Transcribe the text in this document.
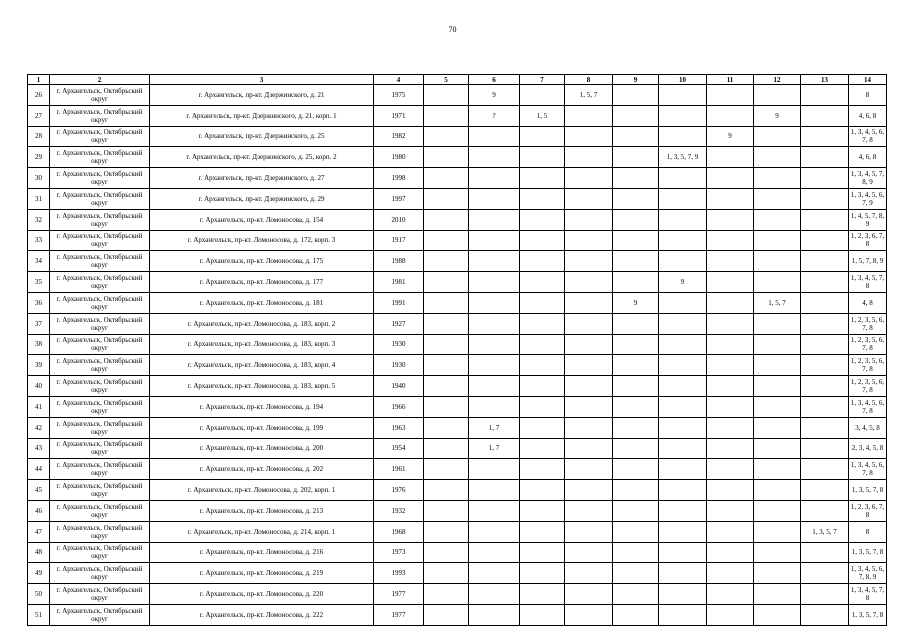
70
1	2	3	4	5	6	7	8	9	10	11	12	13	14
26	г. Архангельск, Октябрьский округ	г. Архангельск, пр-кт. Дзержинского, д. 21	1975		9		1, 5, 7						8
27	г. Архангельск, Октябрьский округ	г. Архангельск, пр-кт. Дзержинского, д. 21, корп. 1	1971		?	1, 5					9		4, 6, 8
28	г. Архангельск, Октябрьский округ	г. Архангельск, пр-кт. Дзержинского, д. 25	1982							9			1, 3, 4, 5, 6, 7, 8
29	г. Архангельск, Октябрьский округ	г. Архангельск, пр-кт. Дзержинского, д. 25, корп. 2	1980						1, 3, 5, 7, 9				4, 6, 8
30	г. Архангельск, Октябрьский округ	г. Архангельск, пр-кт. Дзержинского, д. 27	1998										1, 3, 4, 5, 7, 8, 9
31	г. Архангельск, Октябрьский округ	г. Архангельск, пр-кт. Дзержинского, д. 29	1997										1, 3, 4, 5, 6, 7, 9
32	г. Архангельск, Октябрьский округ	г. Архангельск, пр-кт. Ломоносова, д. 154	2010										1, 4, 5, 7, 8, 9
33	г. Архангельск, Октябрьский округ	г. Архангельск, пр-кт. Ломоносова, д. 172, корп. 3	1917										1, 2, 3, 6, 7, 8
34	г. Архангельск, Октябрьский округ	г. Архангельск, пр-кт. Ломоносова, д. 175	1988										1, 5, 7, 8, 9
35	г. Архангельск, Октябрьский округ	г. Архангельск, пр-кт. Ломоносова, д. 177	1981						9				1, 3, 4, 5, 7, 8
36	г. Архангельск, Октябрьский округ	г. Архангельск, пр-кт. Ломоносова, д. 181	1991					9			1, 5, 7		4, 8
37	г. Архангельск, Октябрьский округ	г. Архангельск, пр-кт. Ломоносова, д. 183, корп. 2	1927										1, 2, 3, 5, 6, 7, 8
38	г. Архангельск, Октябрьский округ	г. Архангельск, пр-кт. Ломоносова, д. 183, корп. 3	1930										1, 2, 3, 5, 6, 7, 8
39	г. Архангельск, Октябрьский округ	г. Архангельск, пр-кт. Ломоносова, д. 183, корп. 4	1930										1, 2, 3, 5, 6, 7, 8
40	г. Архангельск, Октябрьский округ	г. Архангельск, пр-кт. Ломоносова, д. 183, корп. 5	1940										1, 2, 3, 5, 6, 7, 8
41	г. Архангельск, Октябрьский округ	г. Архангельск, пр-кт. Ломоносова, д. 194	1966										1, 3, 4, 5, 6, 7, 8
42	г. Архангельск, Октябрьский округ	г. Архангельск, пр-кт. Ломоносова, д. 199	1963		1, 7								3, 4, 5, 8
43	г. Архангельск, Октябрьский округ	г. Архангельск, пр-кт. Ломоносова, д. 200	1954		1, 7								2, 3, 4, 5, 8
44	г. Архангельск, Октябрьский округ	г. Архангельск, пр-кт. Ломоносова, д. 202	1961										1, 3, 4, 5, 6, 7, 8
45	г. Архангельск, Октябрьский округ	г. Архангельск, пр-кт. Ломоносова, д. 202, корп. 1	1976										1, 3, 5, 7, 8
46	г. Архангельск, Октябрьский округ	г. Архангельск, пр-кт. Ломоносова, д. 213	1932										1, 2, 3, 6, 7, 8
47	г. Архангельск, Октябрьский округ	г. Архангельск, пр-кт. Ломоносова, д. 214, корп. 1	1968									1, 3, 5, 7	8
48	г. Архангельск, Октябрьский округ	г. Архангельск, пр-кт. Ломоносова, д. 216	1973										1, 3, 5, 7, 8
49	г. Архангельск, Октябрьский округ	г. Архангельск, пр-кт. Ломоносова, д. 219	1993										1, 3, 4, 5, 6, 7, 8, 9
50	г. Архангельск, Октябрьский округ	г. Архангельск, пр-кт. Ломоносова, д. 220	1977										1, 3, 4, 5, 7, 8
51	г. Архангельск, Октябрьский округ	г. Архангельск, пр-кт. Ломоносова, д. 222	1977										1, 3, 5, 7, 8
